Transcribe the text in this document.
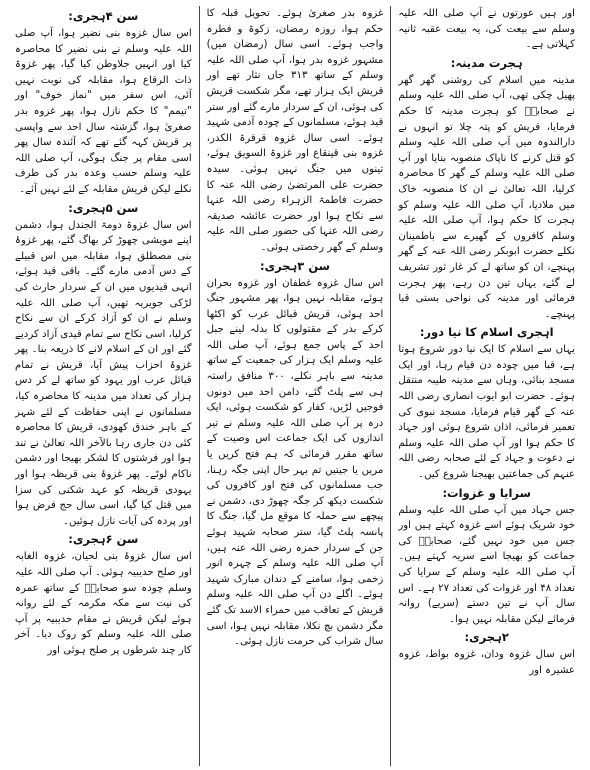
اور ہیں عورتوں نے آپ صلی اللہ علیہ وسلم سے بیعت کی، یہ بیعت عقبہ ثانیہ کہلاتی ہے۔
ہجرت مدینہ:
مدینہ میں اسلام کی روشنی گھر گھر پھیل چکی تھی، آپ صلی اللہ علیہ وسلم نے صحابہؓ کو ہجرت مدینہ کا حکم فرمایا، قریش کو پتہ چلا تو انہوں نے دارالندوہ میں آپ صلی اللہ علیہ وسلم کو قتل کرنے کا ناپاک منصوبہ بنایا اور آپ صلی اللہ علیہ وسلم کے گھر کا محاصرہ کرلیا، اللہ تعالیٰ نے ان کا منصوبہ خاک میں ملادیا، آپ صلی اللہ علیہ وسلم کو ہجرت کا حکم ہوا، آپ صلی اللہ علیہ وسلم کافروں کے گھیرے سے باطمینان نکلے حضرت ابوبکر رضی اللہ عنہ کے گھر پہنچے، ان کو ساتھ لے کر غار ثور تشریف لے گئے، یہاں تین دن رہے، پھر ہجرت فرمائی اور مدینہ کی نواحی بستی قبا پہنچے۔
اہجری اسلام کا نیا دور:
یہاں سے اسلام کا ایک نیا دور شروع ہوتا ہے، قبا میں چودہ دن قیام رہا، اور ایک مسجد بنائی، وہاں سے مدینہ طیبہ منتقل ہوئے۔ حضرت ابو ایوب انصاری رضی اللہ عنہ کے گھر قیام فرمایا، مسجد نبوی کی تعمیر فرمائی، اذان شروع ہوئی اور جہاد کا حکم ہوا اور آپ صلی اللہ علیہ وسلم نے دعوت و جہاد کے لئے صحابہ رضی اللہ عنہم کی جماعتیں بھیجنا شروع کیں۔
سرایا و غزوات:
جس جہاد میں آپ صلی اللہ علیہ وسلم خود شریک ہوئے اسے غزوہ کہتے ہیں اور جس میں خود نہیں گئے، صحابہؓ کی جماعت کو بھیجا اسے سریہ کہتے ہیں۔ آپ صلی اللہ علیہ وسلم کے سرایا کی تعداد ۴۸ اور غزوات کی تعداد ۲۷ ہے۔ اس سال آپ نے تین دستے (سریے) روانہ فرمائے لیکن مقابلہ نہیں ہوا۔
۲ہجری:
اس سال غزوہ ودان، غزوہ بواط، غزوہ عشیرہ اور
غزوہ بدر صغریٰ ہوئے۔ تحویل قبلہ کا حکم ہوا، روزہ رمضان، زکوۃ و فطرہ واجب ہوئے۔ اسی سال (رمضان میں) مشہور غزوہ بدر ہوا، آپ صلی اللہ علیہ وسلم کے ساتھ ۳۱۳ جاں نثار تھے اور قریش ایک ہزار تھے، مگر شکست قریش کی ہوئی، ان کے سردار مارے گئے اور ستر قید ہوئے، مسلمانوں کے چودہ آدمی شہید ہوئے۔ اسی سال غزوہ قرقرۃ الکدر، غزوہ بنی قینقاع اور غزوۃ السویق ہوئے، تینوں میں جنگ نہیں ہوئی۔ سیدہ حضرت علی المرتضیٰ رضی اللہ عنہ کا حضرت فاطمۃ الزہراء رضی اللہ عنہا سے نکاح ہوا اور حضرت عائشہ صدیقہ رضی اللہ عنہا کی حضور صلی اللہ علیہ وسلم کے گھر رخصتی ہوئی۔
سن ۳ہجری:
اس سال غزوہ غطفان اور غزوہ بحران ہوئے، مقابلہ نہیں ہوا، پھر مشہور جنگ احد ہوئی، قریش قبائل عرب کو اکٹھا کرکے بدر کے مقتولوں کا بدلہ لینے جبل احد کے پاس جمع ہوئے، آپ صلی اللہ علیہ وسلم ایک ہزار کی جمعیت کے ساتھ مدینہ سے باہر نکلے، ۳۰۰ منافق راستہ ہی سے پلٹ گئے، دامن احد میں دونوں فوجیں لڑیں، کفار کو شکست ہوئی، ایک درہ پر آپ صلی اللہ علیہ وسلم نے تیر اندازوں کی ایک جماعت اس وصیت کے ساتھ مقرر فرمائی کہ ہم فتح کریں یا مریں یا جیتیں تم بہر حال اپنی جگہ رہنا، جب مسلمانوں کی فتح اور کافروں کی شکست دیکھ کر جگہ چھوڑ دی، دشمن نے پیچھے سے حملہ کا موقع مل گیا، جنگ کا پانسہ پلٹ گیا، ستر صحابہ شہید ہوئے جن کے سردار حمزہ رضی اللہ عنہ ہیں، آپ صلی اللہ علیہ وسلم کے چہرہ انور زخمی ہوا، سامنے کے دندان مبارک شہید ہوئے۔ اگلے دن آپ صلی اللہ علیہ وسلم قریش کے تعاقب میں حمراء الاسد تک گئے مگر دشمن بچ نکلا، مقابلہ نہیں ہوا، اسی سال شراب کی حرمت نازل ہوئی۔
سن ۴ہجری:
اس سال غزوہ بنی نضیر ہوا، آپ صلی اللہ علیہ وسلم نے بنی نضیر کا محاصرہ کیا اور انہیں جلاوطن کیا گیا، پھر غزوۃ ذات الرقاع ہوا، مقابلہ کی نوبت نہیں آئی، اس سفر میں "نماز خوف" اور "تیمم" کا حکم نازل ہوا، پھر غزوہ بدر صغریٰ ہوا، گزشتہ سال احد سے واپسی پر قریش کہہ گئے تھے کہ آئندہ سال پھر اسی مقام پر جنگ ہوگی، آپ صلی اللہ علیہ وسلم حسب وعدہ بدر کی طرف نکلے لیکن قریش مقابلہ کے لئے نہیں آئے۔
سن ۵ہجری:
اس سال غزوۃ دومۃ الجندل ہوا، دشمن اپنے مویشی چھوڑ کر بھاگ گئے، پھر غزوۂ بنی مصطلق ہوا، مقابلہ میں اس قبیلے کے دس آدمی مارے گئے۔ باقی قید ہوئے، انہی قیدیوں میں ان کے سردار حارث کی لڑکی جویریہ تھیں، آپ صلی اللہ علیہ وسلم نے ان کو آزاد کرکے ان سے نکاح کرلیا، اسی نکاح سے تمام قیدی آزاد کردیے گئے اور ان کے اسلام لانے کا ذریعہ بنا۔ پھر غزوۂ احزاب پیش آیا، قریش نے تمام قبائل عرب اور یہود کو ساتھ لے کر دس ہزار کی تعداد میں مدینہ کا محاصرہ کیا، مسلمانوں نے اپنی حفاظت کے لئے شہر کے باہر خندق کھودی، قریش کا محاصرہ کئی دن جاری رہا بالآخر اللہ تعالیٰ نے تند ہوا اور فرشتوں کا لشکر بھیجا اور دشمن ناکام لوٹے۔ پھر غزوۂ بنی قریظہ ہوا اور یہودی قریظہ کو عہد شکنی کی سزا میں قتل کیا گیا، اسی سال حج فرض ہوا اور پردہ کی آیات نازل ہوئیں۔
سن ۶ہجری:
اس سال غزوۂ بنی لحیان، غزوہ الغابہ اور صلح حدیبیہ ہوئی۔ آپ صلی اللہ علیہ وسلم چودہ سو صحابہؓ کے ساتھ عمرہ کی نیت سے مکہ مکرمہ کے لئے روانہ ہوئے لیکن قریش نے مقام حدیبیہ پر آپ صلی اللہ علیہ وسلم کو روک دیا۔ آخر کار چند شرطوں پر صلح ہوئی اور
